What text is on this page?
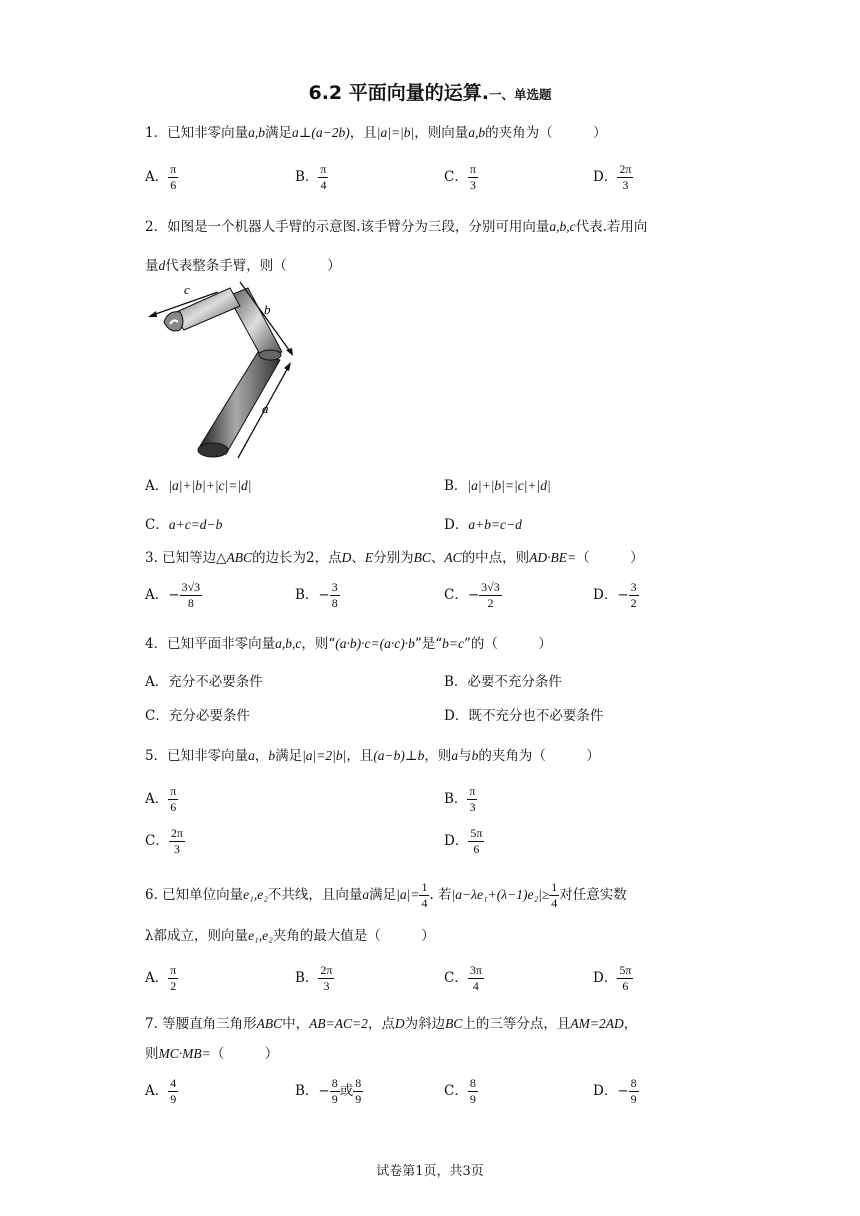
6.2 平面向量的运算.一、单选题
1．已知非零向量a,b满足a⊥(a−2b)，且|a|=|b|，则向量a,b的夹角为（　　　）
A． $\frac{\pi}{6}$	B． $\frac{\pi}{4}$	C． $\frac{\pi}{3}$	D． $\frac{2\pi}{3}$
2．如图是一个机器人手臂的示意图.该手臂分为三段，分别可用向量a,b,c代表.若用向
量d代表整条手臂，则（　　　）
c
b
a
A．|a|+|b|+|c|=|d|	B．|a|+|b|=|c|+|d|
C．a+c=d−b	D．a+b=c−d
3. 已知等边△ABC的边长为2，点D、E分别为BC、AC的中点，则AD·BE=（　　　）
A．− $\frac{3√3}{8}$	B．− $\frac{3}{8}$	C．− $\frac{3√3}{2}$	D．− $\frac{3}{2}$
4．已知平面非零向量a,b,c，则“(a·b)·c=(a·c)·b”是“b=c”的（　　　）
A．充分不必要条件	B．必要不充分条件
C．充分必要条件	D．既不充分也不必要条件
5．已知非零向量a，b满足|a|=2|b|，且(a−b)⊥b，则a与b的夹角为（　　　）
A． $\frac{\pi}{6}$	B． $\frac{\pi}{3}$
C． $\frac{2\pi}{3}$	D． $\frac{5\pi}{6}$
6. 已知单位向量e₁,e₂不共线，且向量a满足$|a|= \frac{1}{4}$ . 若$|a-\lambda e_1+(\lambda-1)e_2|\ge \frac{1}{4}$ 对任意实数
λ都成立，则向量e₁,e₂夹角的最大值是（　　　）
A． $\frac{\pi}{2}$	B． $\frac{2\pi}{3}$	C． $\frac{3\pi}{4}$	D． $\frac{5\pi}{6}$
7. 等腰直角三角形ABC中，AB=AC=2，点D为斜边BC上的三等分点，且AM=2AD，
则MC·MB=（　　　）
A． $\frac{4}{9}$	B．− $\frac{8}{9}$ 或 $\frac{8}{9}$	C． $\frac{8}{9}$	D．− $\frac{8}{9}$
试卷第1页，共3页
